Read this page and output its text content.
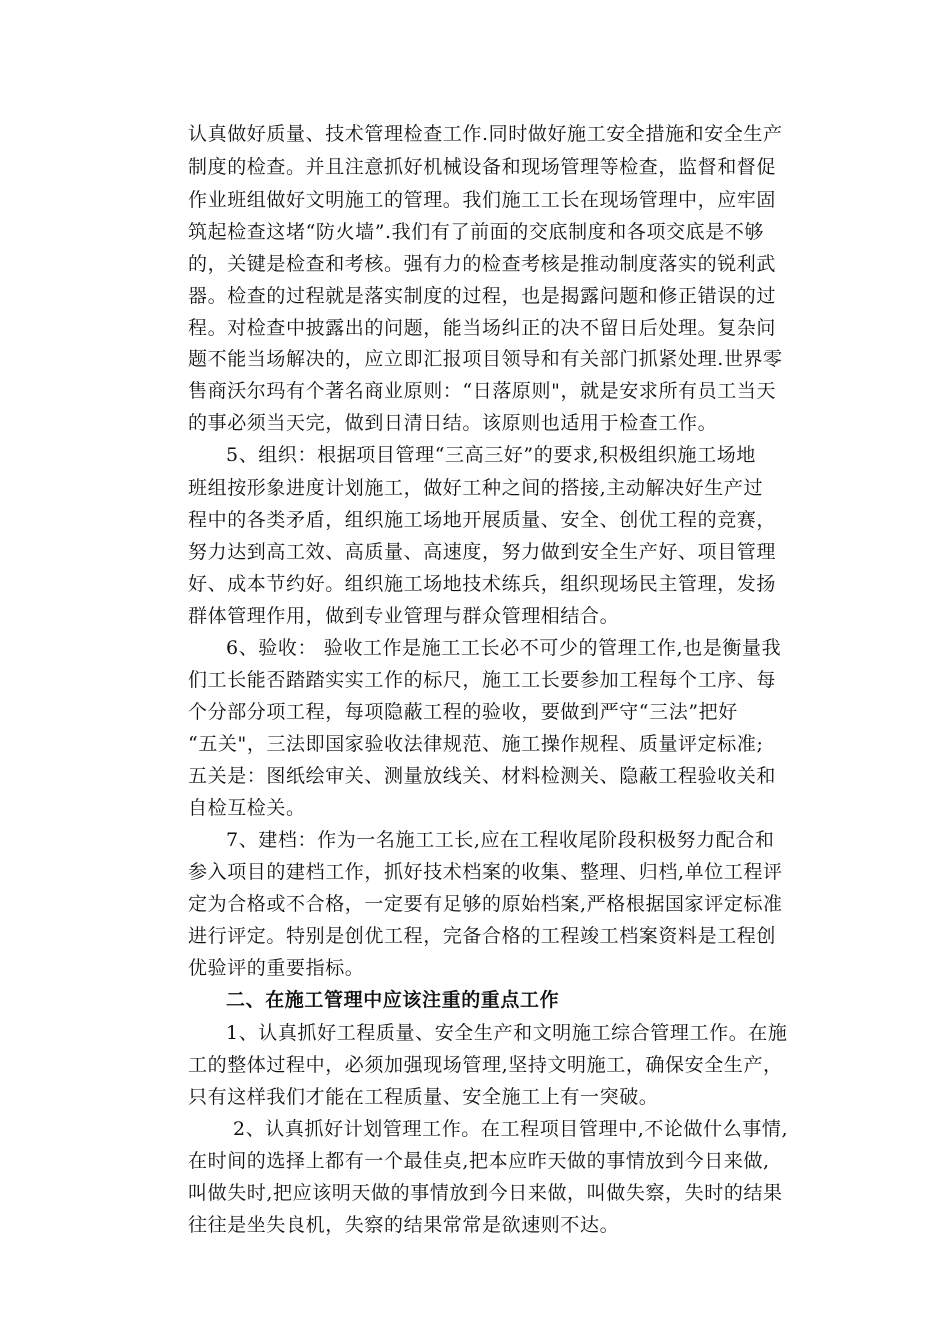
认真做好质量、技术管理检查工作.同时做好施工安全措施和安全生产
制度的检查。并且注意抓好机械设备和现场管理等检查，监督和督促
作业班组做好文明施工的管理。我们施工工长在现场管理中，应牢固
筑起检查这堵“防火墙”.我们有了前面的交底制度和各项交底是不够
的，关键是检查和考核。强有力的检查考核是推动制度落实的锐利武
器。检查的过程就是落实制度的过程，也是揭露问题和修正错误的过
程。对检查中披露出的问题，能当场纠正的决不留日后处理。复杂问
题不能当场解决的，应立即汇报项目领导和有关部门抓紧处理.世界零
售商沃尔玛有个著名商业原则：“日落原则"，就是安求所有员工当天
的事必须当天完，做到日清日结。该原则也适用于检查工作。
5、组织：根据项目管理“三高三好”的要求,积极组织施工场地
班组按形象进度计划施工，做好工种之间的搭接,主动解决好生产过
程中的各类矛盾，组织施工场地开展质量、安全、创优工程的竞赛，
努力达到高工效、高质量、高速度，努力做到安全生产好、项目管理
好、成本节约好。组织施工场地技术练兵，组织现场民主管理，发扬
群体管理作用，做到专业管理与群众管理相结合。
6、验收： 验收工作是施工工长必不可少的管理工作,也是衡量我
们工长能否踏踏实实工作的标尺，施工工长要参加工程每个工序、每
个分部分项工程，每项隐蔽工程的验收，要做到严守“三法”把好
“五关"，三法即国家验收法律规范、施工操作规程、质量评定标准;
五关是：图纸绘审关、测量放线关、材料检测关、隐蔽工程验收关和
自检互检关。
7、建档：作为一名施工工长,应在工程收尾阶段积极努力配合和
参入项目的建档工作，抓好技术档案的收集、整理、归档,单位工程评
定为合格或不合格，一定要有足够的原始档案,严格根据国家评定标准
进行评定。特别是创优工程，完备合格的工程竣工档案资料是工程创
优验评的重要指标。
二、在施工管理中应该注重的重点工作
1、认真抓好工程质量、安全生产和文明施工综合管理工作。在施
工的整体过程中，必须加强现场管理,坚持文明施工，确保安全生产，
只有这样我们才能在工程质量、安全施工上有一突破。
2、认真抓好计划管理工作。在工程项目管理中,不论做什么事情,
在时间的选择上都有一个最佳奌,把本应昨天做的事情放到今日来做,
叫做失时,把应该明天做的事情放到今日来做，叫做失察，失时的结果
往往是坐失良机，失察的结果常常是欲速则不达。
